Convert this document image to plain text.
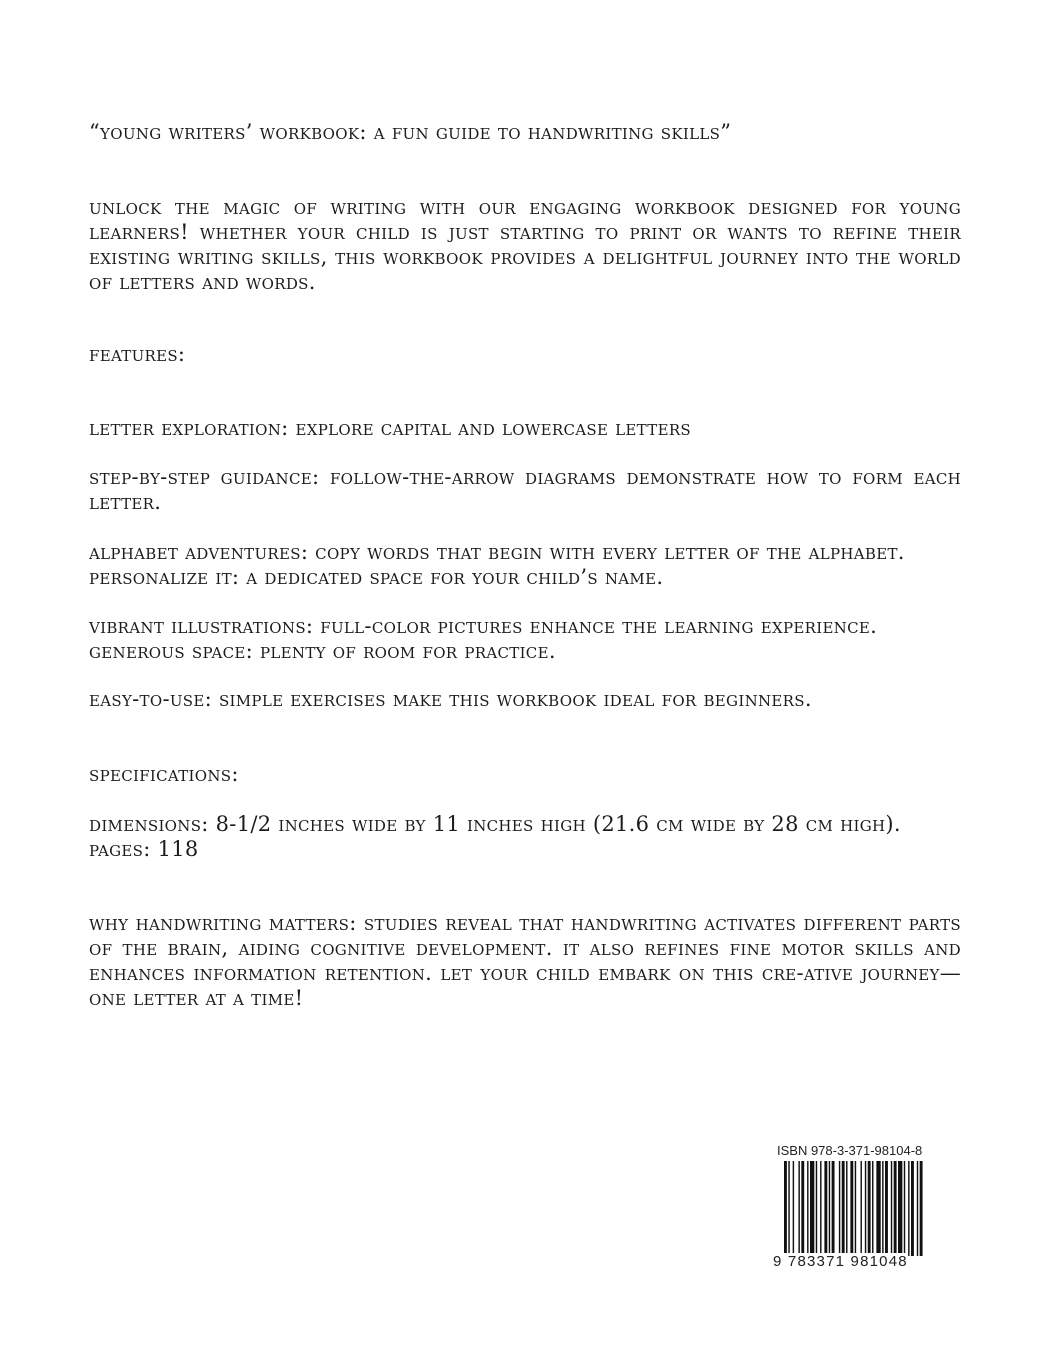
“young writers’ workbook: a fun guide to handwriting skills”
unlock the magic of writing with our engaging workbook designed for young learners! whether your child is just starting to print or wants to refine their existing writing skills, this workbook provides a delightful journey into the world of letters and words.
features:
letter exploration: explore capital and lowercase letters
step-by-step guidance: follow-the-arrow diagrams demonstrate how to form each letter.
alphabet adventures: copy words that begin with every letter of the alphabet.
personalize it: a dedicated space for your child’s name.
vibrant illustrations: full-color pictures enhance the learning experience.
generous space: plenty of room for practice.
easy-to-use: simple exercises make this workbook ideal for beginners.
specifications:
dimensions: 8-1/2 inches wide by 11 inches high (21.6 cm wide by 28 cm high).
pages: 118
why handwriting matters: studies reveal that handwriting activates different parts of the brain, aiding cognitive development. it also refines fine motor skills and enhances information retention. let your child embark on this cre-ative journey—one letter at a time!
ISBN 978-3-371-98104-8
9 783371 981048
